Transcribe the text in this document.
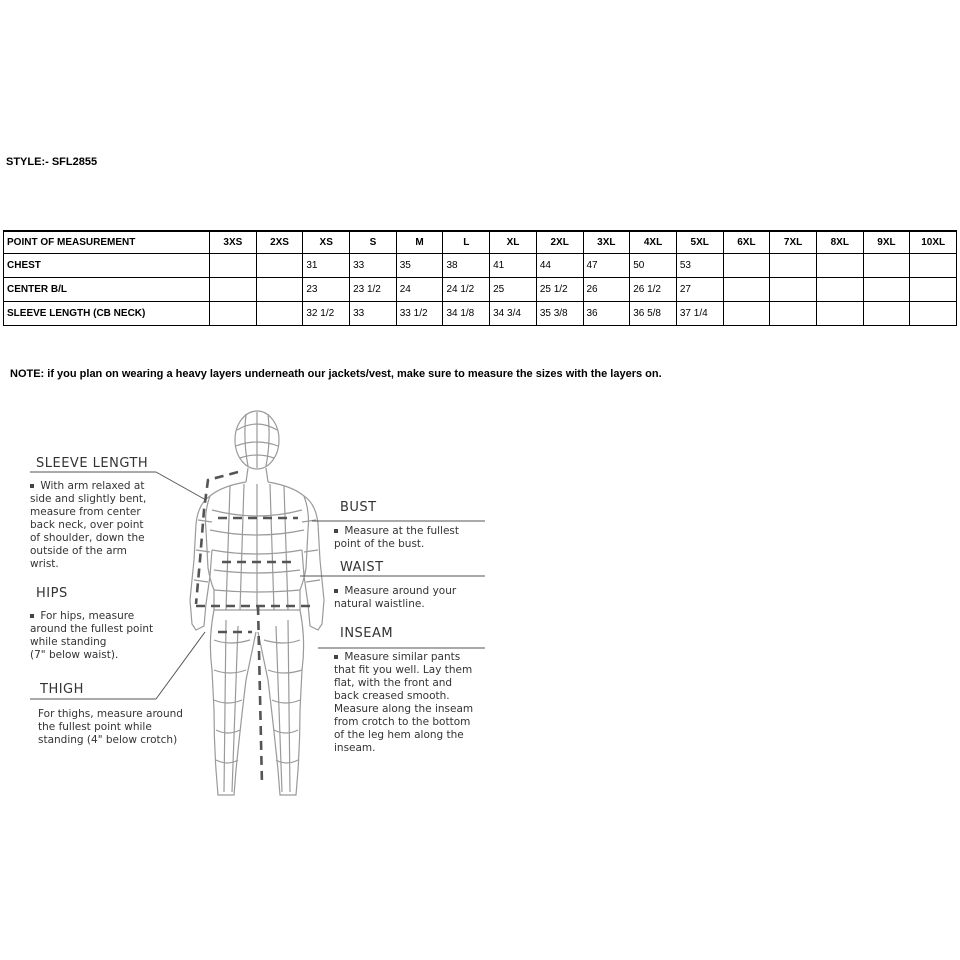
STYLE:- SFL2855
POINT OF MEASUREMENT	3XS	2XS	XS	S	M	L	XL	2XL	3XL	4XL	5XL	6XL	7XL	8XL	9XL	10XL
CHEST			31	33	35	38	41	44	47	50	53					
CENTER B/L			23	23 1/2	24	24 1/2	25	25 1/2	26	26 1/2	27					
SLEEVE LENGTH (CB NECK)			32 1/2	33	33 1/2	34 1/8	34 3/4	35 3/8	36	36 5/8	37 1/4					
NOTE: if you plan on wearing a heavy layers underneath our jackets/vest, make sure to measure the sizes with the layers on.
SLEEVE LENGTH
With arm relaxed at
side and slightly bent,
measure from center
back neck, over point
of shoulder, down the
outside of the arm
wrist.
HIPS
For hips, measure
around the fullest point
while standing
(7" below waist).
THIGH
For thighs, measure around
the fullest point while
standing (4" below crotch)
BUST
Measure at the fullest
point of the bust.
WAIST
Measure around your
natural waistline.
INSEAM
Measure similar pants
that fit you well. Lay them
flat, with the front and
back creased smooth.
Measure along the inseam
from crotch to the bottom
of the leg hem along the
inseam.
